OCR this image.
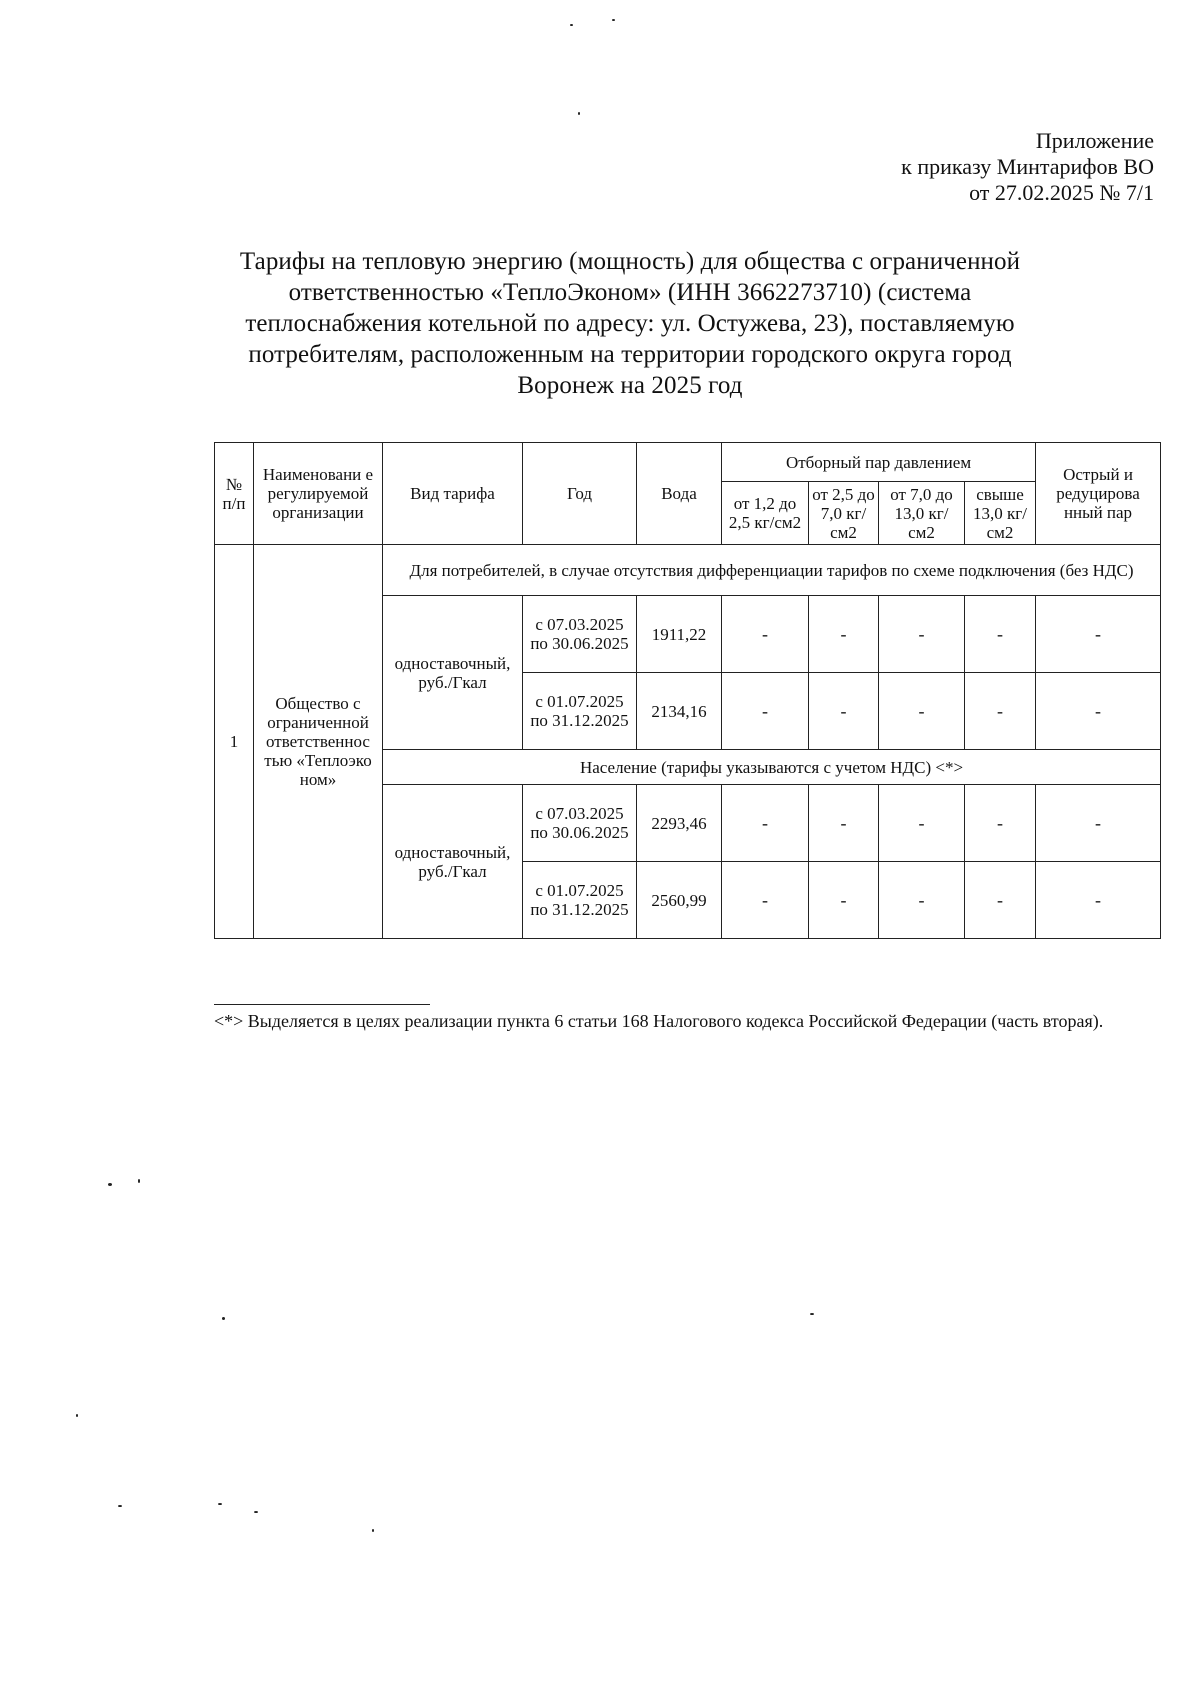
Приложение
к приказу Минтарифов ВО
от 27.02.2025 № 7/1
Тарифы на тепловую энергию (мощность) для общества с ограниченной ответственностью «ТеплоЭконом» (ИНН 3662273710) (система теплоснабжения котельной по адресу: ул. Остужева, 23), поставляемую потребителям, расположенным на территории городского округа город Воронеж на 2025 год
№ п/п	Наименовани е регулируемой организации	Вид тарифа	Год	Вода	Отборный пар давлением				Острый и редуцирова нный пар
					от 1,2 до 2,5 кг/см2	от 2,5 до 7,0 кг/см2	от 7,0 до 13,0 кг/см2	свыше 13,0 кг/см2	
1	Общество с ограниченной ответственнос тью «Теплоэко ном»	Для потребителей, в случае отсутствия дифференциации тарифов по схеме подключения (без НДС)							
		одноставочный, руб./Гкал	с 07.03.2025 по 30.06.2025	1911,22	-	-	-	-	-
			с 01.07.2025 по 31.12.2025	2134,16	-	-	-	-	-
		Население (тарифы указываются с учетом НДС) <*>							
		одноставочный, руб./Гкал	с 07.03.2025 по 30.06.2025	2293,46	-	-	-	-	-
			с 01.07.2025 по 31.12.2025	2560,99	-	-	-	-	-
<*> Выделяется в целях реализации пункта 6 статьи 168 Налогового кодекса Российской Федерации (часть вторая).
